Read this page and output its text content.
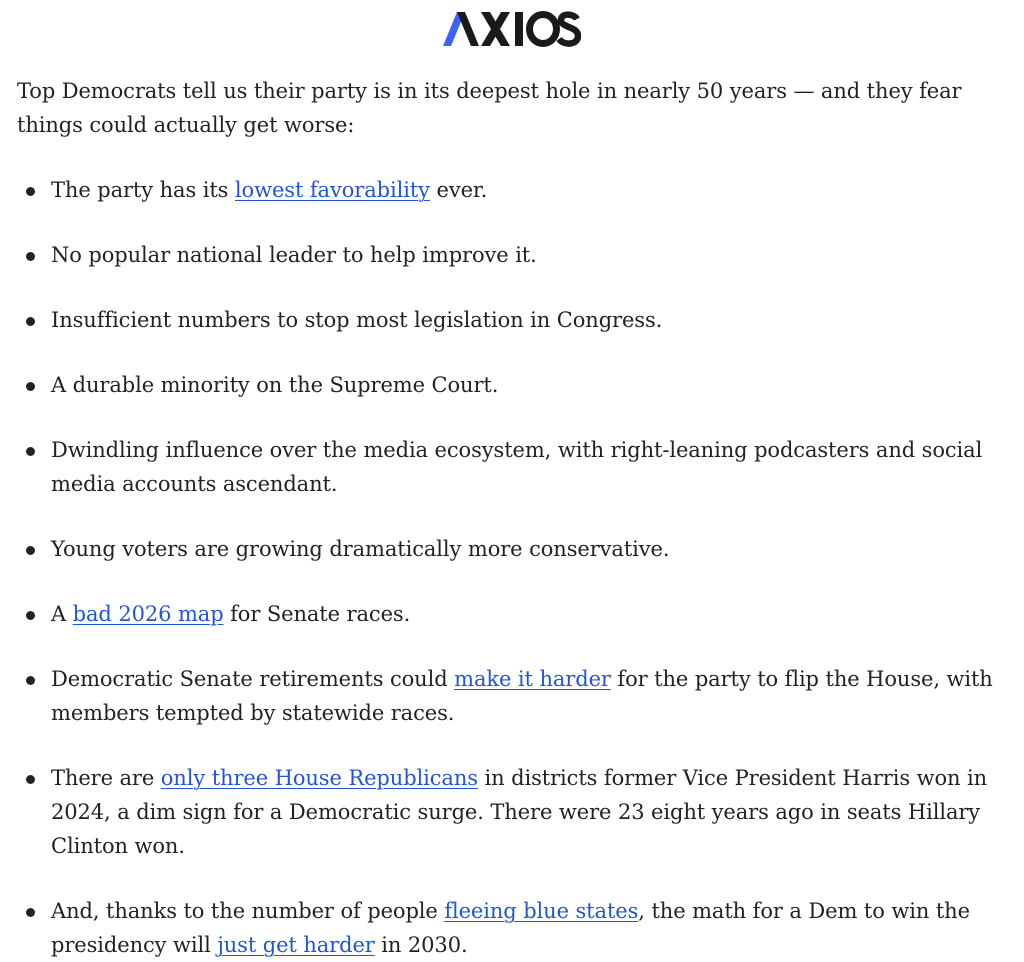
Top Democrats tell us their party is in its deepest hole in nearly 50 years — and they fear things could actually get worse:

The party has its lowest favorability ever.
No popular national leader to help improve it.
Insufficient numbers to stop most legislation in Congress.
A durable minority on the Supreme Court.
Dwindling influence over the media ecosystem, with right-leaning podcasters and social media accounts ascendant.
Young voters are growing dramatically more conservative.
A bad 2026 map for Senate races.
Democratic Senate retirements could make it harder for the party to flip the House, with members tempted by statewide races.
There are only three House Republicans in districts former Vice President Harris won in 2024, a dim sign for a Democratic surge. There were 23 eight years ago in seats Hillary Clinton won.
And, thanks to the number of people fleeing blue states, the math for a Dem to win the presidency will just get harder in 2030.
